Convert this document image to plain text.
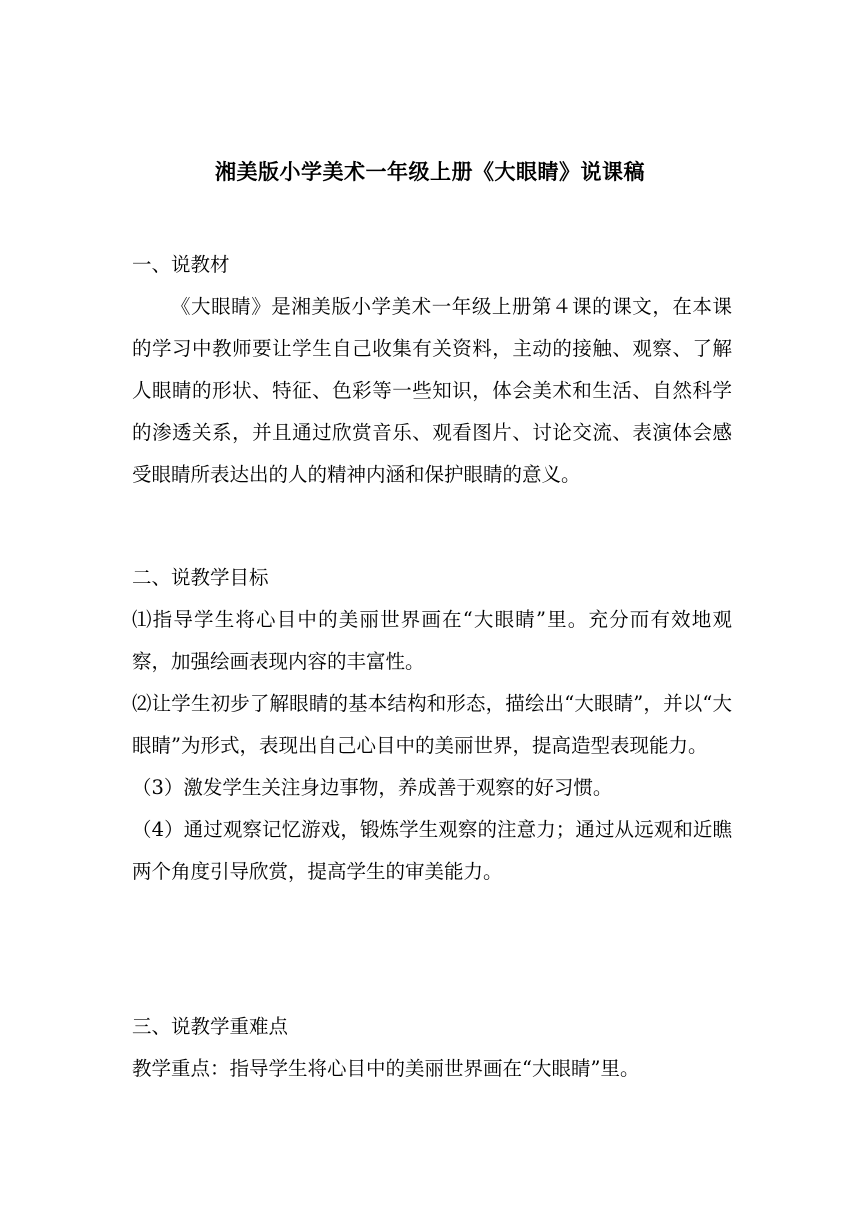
湘美版小学美术一年级上册《大眼睛》说课稿
一、说教材

《大眼睛》是湘美版小学美术一年级上册第４课的课文，在本课的学习中教师要让学生自己收集有关资料，主动的接触、观察、了解人眼睛的形状、特征、色彩等一些知识，体会美术和生活、自然科学的渗透关系，并且通过欣赏音乐、观看图片、讨论交流、表演体会感受眼睛所表达出的人的精神内涵和保护眼睛的意义。

二、说教学目标

⑴指导学生将心目中的美丽世界画在“大眼睛”里。充分而有效地观察，加强绘画表现内容的丰富性。

⑵让学生初步了解眼睛的基本结构和形态，描绘出“大眼睛”，并以“大眼睛”为形式，表现出自己心目中的美丽世界，提高造型表现能力。

（3）激发学生关注身边事物，养成善于观察的好习惯。

（4）通过观察记忆游戏，锻炼学生观察的注意力；通过从远观和近瞧两个角度引导欣赏，提高学生的审美能力。

三、说教学重难点

教学重点：指导学生将心目中的美丽世界画在“大眼睛”里。
